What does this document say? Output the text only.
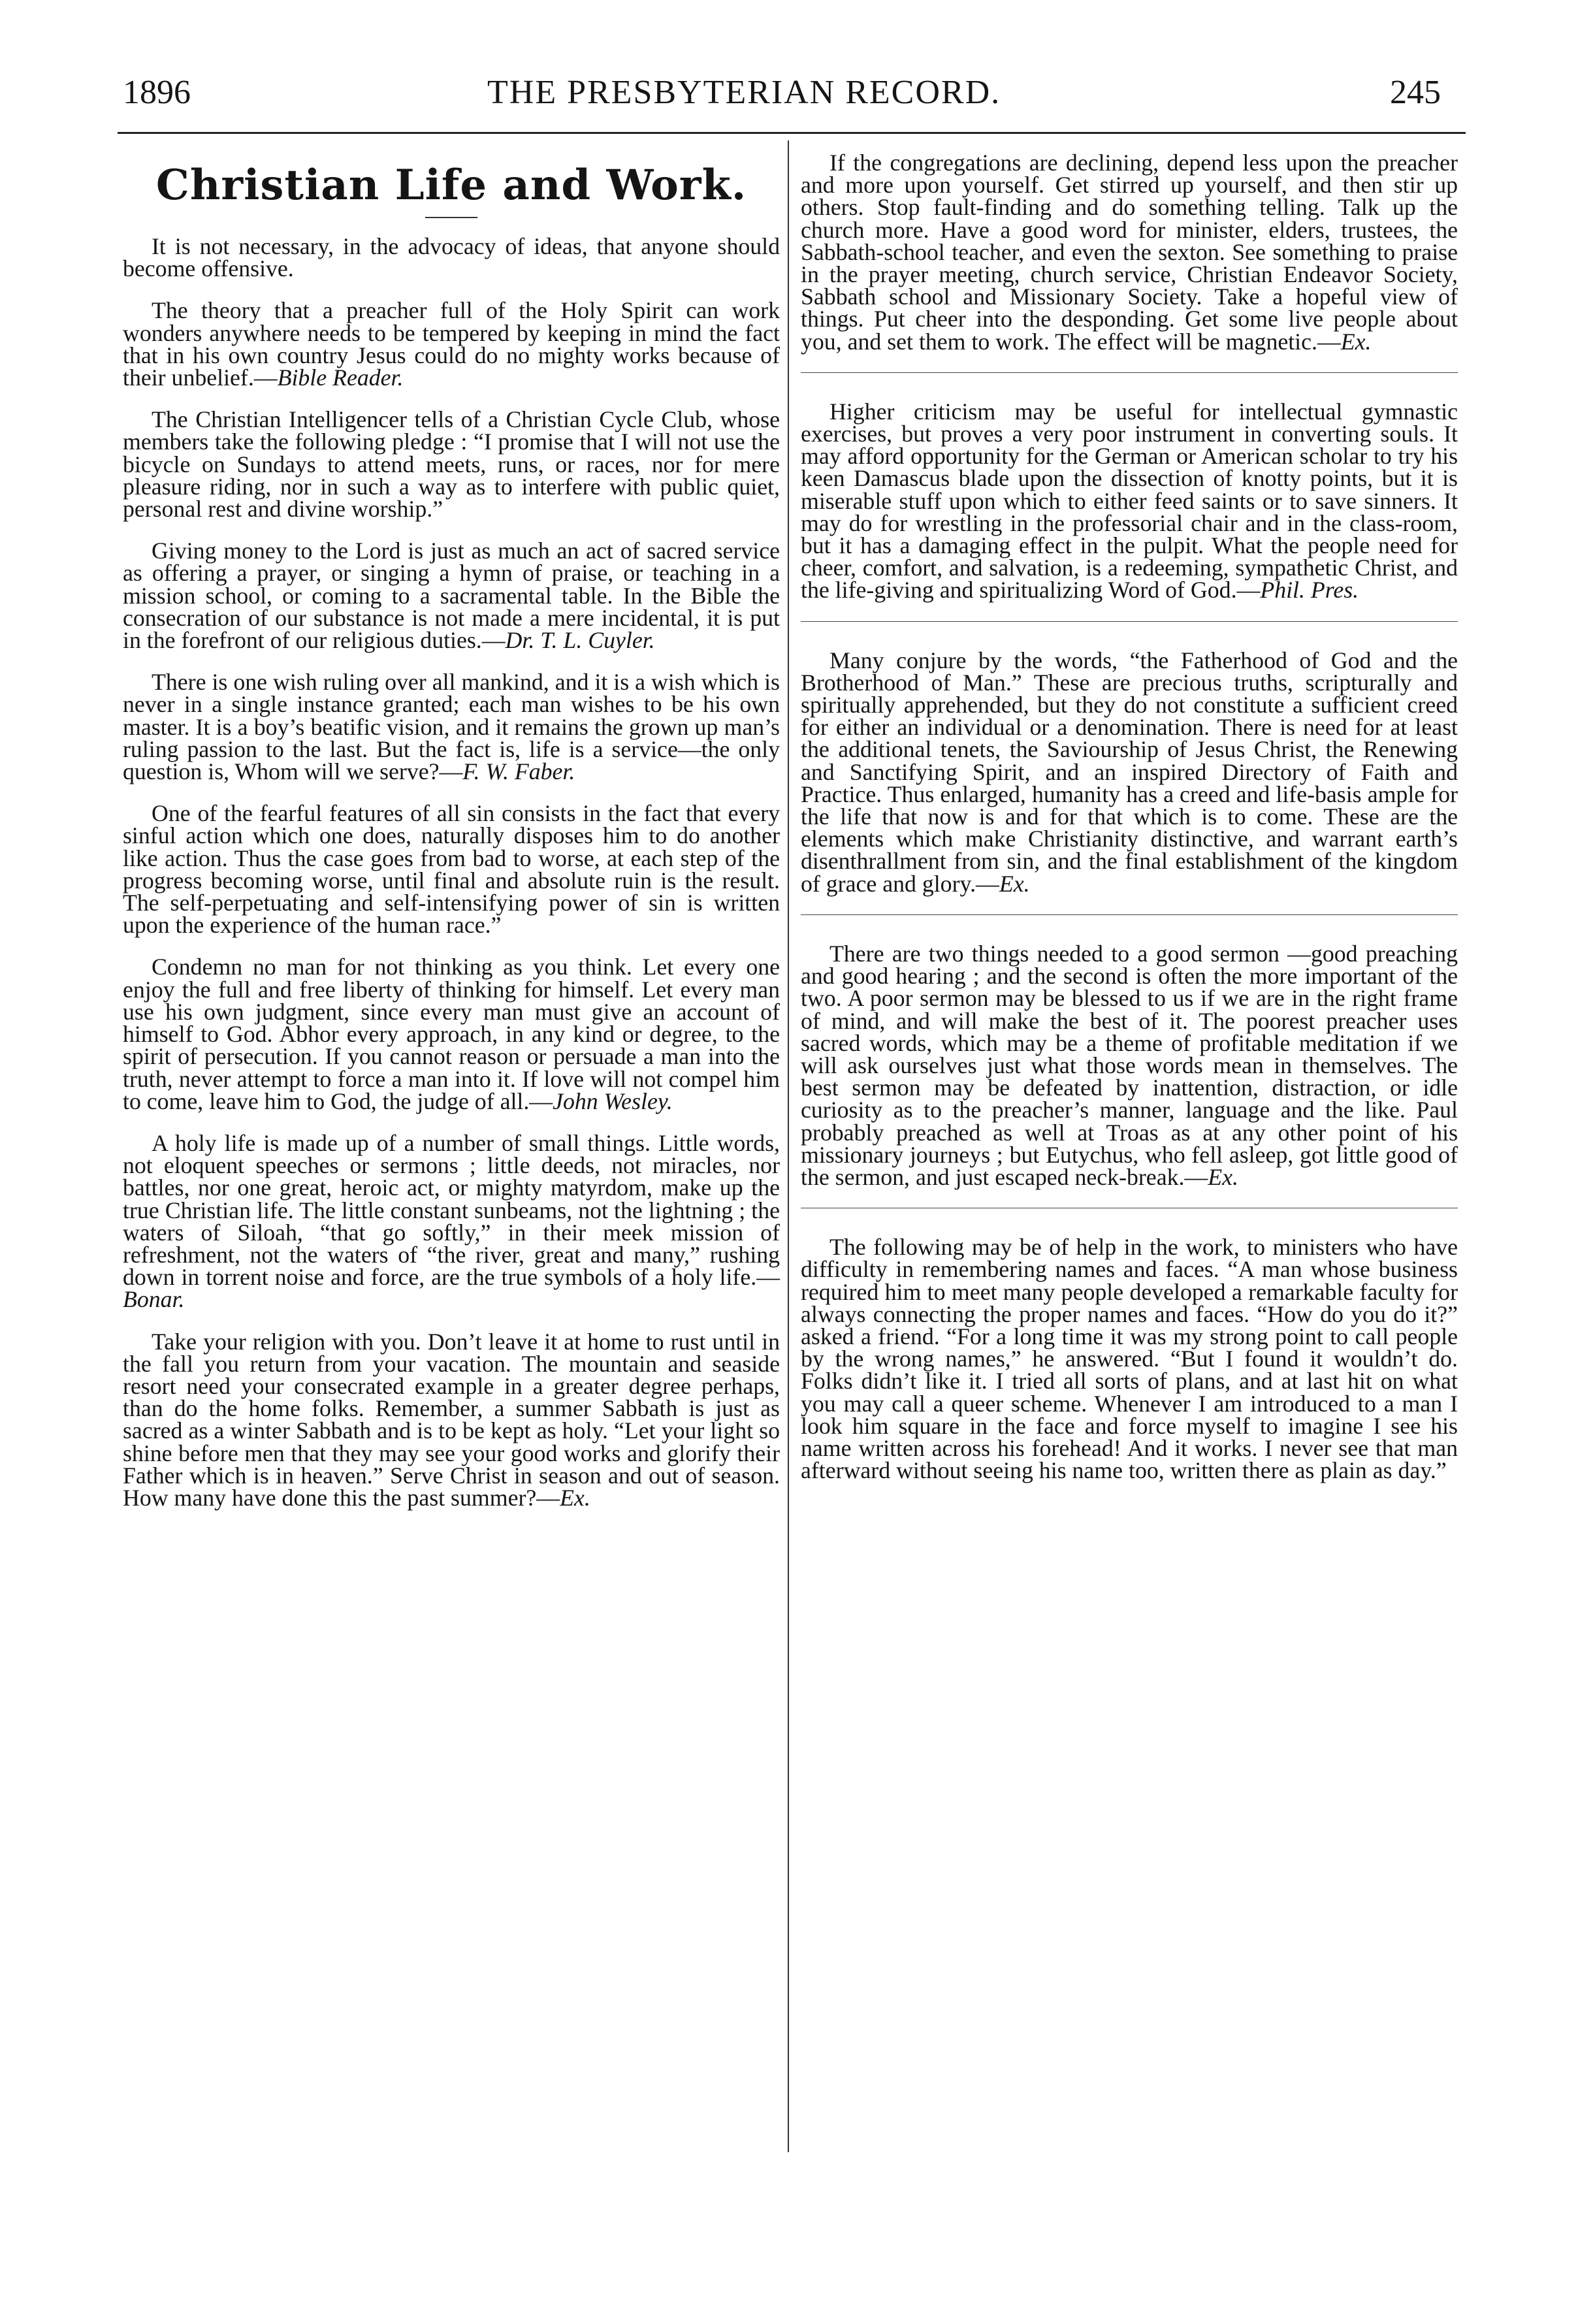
1896	THE PRESBYTERIAN RECORD.	245
Christian Life and Work.

It is not necessary, in the advocacy of ideas, that anyone should become offensive.

The theory that a preacher full of the Holy Spirit can work wonders anywhere needs to be tempered by keeping in mind the fact that in his own country Jesus could do no mighty works because of their unbelief.—Bible Reader.

The Christian Intelligencer tells of a Christian Cycle Club, whose members take the following pledge : “I promise that I will not use the bicycle on Sundays to attend meets, runs, or races, nor for mere pleasure riding, nor in such a way as to interfere with public quiet, personal rest and divine worship.”

Giving money to the Lord is just as much an act of sacred service as offering a prayer, or singing a hymn of praise, or teaching in a mission school, or coming to a sacramental table. In the Bible the consecration of our substance is not made a mere incidental, it is put in the forefront of our religious duties.—Dr. T. L. Cuyler.

There is one wish ruling over all mankind, and it is a wish which is never in a single instance granted; each man wishes to be his own master. It is a boy’s beatific vision, and it remains the grown up man’s ruling passion to the last. But the fact is, life is a service—the only question is, Whom will we serve?—F. W. Faber.

One of the fearful features of all sin consists in the fact that every sinful action which one does, naturally disposes him to do another like action. Thus the case goes from bad to worse, at each step of the progress becoming worse, until final and absolute ruin is the result. The self-perpetuating and self-intensifying power of sin is written upon the experience of the human race.”

Condemn no man for not thinking as you think. Let every one enjoy the full and free liberty of thinking for himself. Let every man use his own judgment, since every man must give an account of himself to God. Abhor every approach, in any kind or degree, to the spirit of persecution. If you cannot reason or persuade a man into the truth, never attempt to force a man into it. If love will not compel him to come, leave him to God, the judge of all.—John Wesley.

A holy life is made up of a number of small things. Little words, not eloquent speeches or sermons ; little deeds, not miracles, nor battles, nor one great, heroic act, or mighty matyrdom, make up the true Christian life. The little constant sunbeams, not the lightning ; the waters of Siloah, “that go softly,” in their meek mission of refreshment, not the waters of “the river, great and many,” rushing down in torrent noise and force, are the true symbols of a holy life.—Bonar.

Take your religion with you. Don’t leave it at home to rust until in the fall you return from your vacation. The mountain and seaside resort need your consecrated example in a greater degree perhaps, than do the home folks. Remember, a summer Sabbath is just as sacred as a winter Sabbath and is to be kept as holy. “Let your light so shine before men that they may see your good works and glorify their Father which is in heaven.” Serve Christ in season and out of season. How many have done this the past summer?—Ex.

If the congregations are declining, depend less upon the preacher and more upon yourself. Get stirred up yourself, and then stir up others. Stop fault-finding and do something telling. Talk up the church more. Have a good word for minister, elders, trustees, the Sabbath-school teacher, and even the sexton. See something to praise in the prayer meeting, church service, Christian Endeavor Society, Sabbath school and Missionary Society. Take a hopeful view of things. Put cheer into the desponding. Get some live people about you, and set them to work. The effect will be magnetic.—Ex.

Higher criticism may be useful for intellectual gymnastic exercises, but proves a very poor instrument in converting souls. It may afford opportunity for the German or American scholar to try his keen Damascus blade upon the dissection of knotty points, but it is miserable stuff upon which to either feed saints or to save sinners. It may do for wrestling in the professorial chair and in the class-room, but it has a damaging effect in the pulpit. What the people need for cheer, comfort, and salvation, is a redeeming, sympathetic Christ, and the life-giving and spiritualizing Word of God.—Phil. Pres.

Many conjure by the words, “the Fatherhood of God and the Brotherhood of Man.” These are precious truths, scripturally and spiritually apprehended, but they do not constitute a sufficient creed for either an individual or a denomination. There is need for at least the additional tenets, the Saviourship of Jesus Christ, the Renewing and Sanctifying Spirit, and an inspired Directory of Faith and Practice. Thus enlarged, humanity has a creed and life-basis ample for the life that now is and for that which is to come. These are the elements which make Christianity distinctive, and warrant earth’s disenthrallment from sin, and the final establishment of the kingdom of grace and glory.—Ex.

There are two things needed to a good sermon —good preaching and good hearing ; and the second is often the more important of the two. A poor sermon may be blessed to us if we are in the right frame of mind, and will make the best of it. The poorest preacher uses sacred words, which may be a theme of profitable meditation if we will ask ourselves just what those words mean in themselves. The best sermon may be defeated by inattention, distraction, or idle curiosity as to the preacher’s manner, language and the like. Paul probably preached as well at Troas as at any other point of his missionary journeys ; but Eutychus, who fell asleep, got little good of the sermon, and just escaped neck-break.—Ex.

The following may be of help in the work, to ministers who have difficulty in remembering names and faces. “A man whose business required him to meet many people developed a remarkable faculty for always connecting the proper names and faces. “How do you do it?” asked a friend. “For a long time it was my strong point to call people by the wrong names,” he answered. “But I found it wouldn’t do. Folks didn’t like it. I tried all sorts of plans, and at last hit on what you may call a queer scheme. Whenever I am introduced to a man I look him square in the face and force myself to imagine I see his name written across his forehead! And it works. I never see that man afterward without seeing his name too, written there as plain as day.”
